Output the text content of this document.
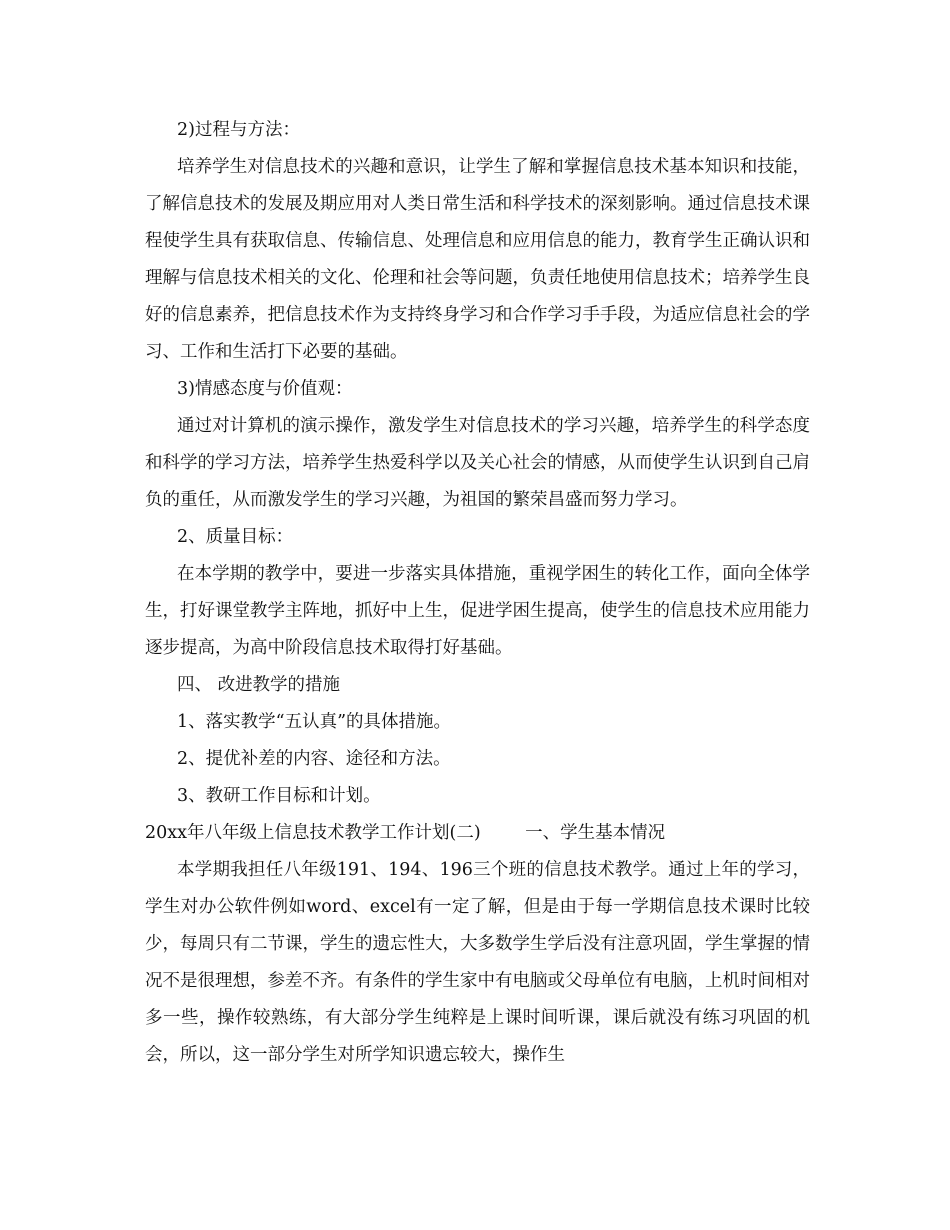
2)过程与方法：

培养学生对信息技术的兴趣和意识，让学生了解和掌握信息技术基本知识和技能，了解信息技术的发展及期应用对人类日常生活和科学技术的深刻影响。通过信息技术课程使学生具有获取信息、传输信息、处理信息和应用信息的能力，教育学生正确认识和理解与信息技术相关的文化、伦理和社会等问题，负责任地使用信息技术；培养学生良好的信息素养，把信息技术作为支持终身学习和合作学习手手段，为适应信息社会的学习、工作和生活打下必要的基础。

3)情感态度与价值观：

通过对计算机的演示操作，激发学生对信息技术的学习兴趣，培养学生的科学态度和科学的学习方法，培养学生热爱科学以及关心社会的情感，从而使学生认识到自己肩负的重任，从而激发学生的学习兴趣，为祖国的繁荣昌盛而努力学习。

2、质量目标：

在本学期的教学中，要进一步落实具体措施，重视学困生的转化工作，面向全体学生，打好课堂教学主阵地，抓好中上生，促进学困生提高，使学生的信息技术应用能力逐步提高，为高中阶段信息技术取得打好基础。

四、 改进教学的措施

1、落实教学“五认真”的具体措施。

2、提优补差的内容、途径和方法。

3、教研工作目标和计划。

20xx年八年级上信息技术教学工作计划(二)        一、学生基本情况

本学期我担任八年级191、194、196三个班的信息技术教学。通过上年的学习，学生对办公软件例如word、excel有一定了解，但是由于每一学期信息技术课时比较少，每周只有二节课，学生的遗忘性大，大多数学生学后没有注意巩固，学生掌握的情况不是很理想，参差不齐。有条件的学生家中有电脑或父母单位有电脑，上机时间相对多一些，操作较熟练，有大部分学生纯粹是上课时间听课，课后就没有练习巩固的机会，所以，这一部分学生对所学知识遗忘较大，操作生
